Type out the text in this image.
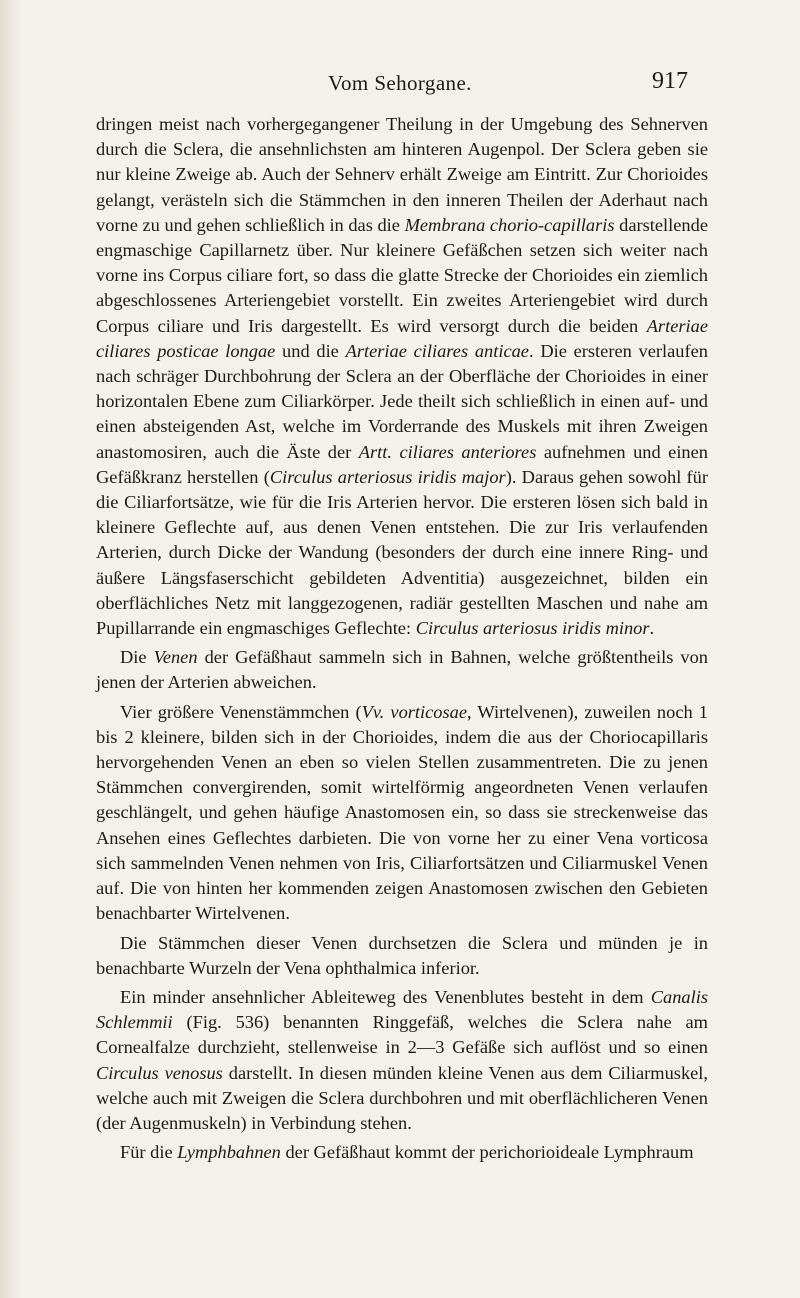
Vom Sehorgane.	917

dringen meist nach vorhergegangener Theilung in der Umgebung des Sehnerven durch die Sclera, die ansehnlichsten am hinteren Augenpol. Der Sclera geben sie nur kleine Zweige ab. Auch der Sehnerv erhält Zweige am Eintritt. Zur Chorioides gelangt, verästeln sich die Stämmchen in den inneren Theilen der Aderhaut nach vorne zu und gehen schließlich in das die Membrana chorio-capillaris darstellende engmaschige Capillarnetz über. Nur kleinere Gefäßchen setzen sich weiter nach vorne ins Corpus ciliare fort, so dass die glatte Strecke der Chorioides ein ziemlich abgeschlossenes Arteriengebiet vorstellt. Ein zweites Arteriengebiet wird durch Corpus ciliare und Iris dargestellt. Es wird versorgt durch die beiden Arteriae ciliares posticae longae und die Arteriae ciliares anticae. Die ersteren verlaufen nach schräger Durchbohrung der Sclera an der Oberfläche der Chorioides in einer horizontalen Ebene zum Ciliarkörper. Jede theilt sich schließlich in einen auf- und einen absteigenden Ast, welche im Vorderrande des Muskels mit ihren Zweigen anastomosiren, auch die Äste der Artt. ciliares anteriores aufnehmen und einen Gefäßkranz herstellen (Circulus arteriosus iridis major). Daraus gehen sowohl für die Ciliarfortsätze, wie für die Iris Arterien hervor. Die ersteren lösen sich bald in kleinere Geflechte auf, aus denen Venen entstehen. Die zur Iris verlaufenden Arterien, durch Dicke der Wandung (besonders der durch eine innere Ring- und äußere Längsfaserschicht gebildeten Adventitia) ausgezeichnet, bilden ein oberflächliches Netz mit langgezogenen, radiär gestellten Maschen und nahe am Pupillarrande ein engmaschiges Geflechte: Circulus arteriosus iridis minor.

Die Venen der Gefäßhaut sammeln sich in Bahnen, welche größtentheils von jenen der Arterien abweichen.

Vier größere Venenstämmchen (Vv. vorticosae, Wirtelvenen), zuweilen noch 1 bis 2 kleinere, bilden sich in der Chorioides, indem die aus der Choriocapillaris hervorgehenden Venen an eben so vielen Stellen zusammentreten. Die zu jenen Stämmchen convergirenden, somit wirtelförmig angeordneten Venen verlaufen geschlängelt, und gehen häufige Anastomosen ein, so dass sie streckenweise das Ansehen eines Geflechtes darbieten. Die von vorne her zu einer Vena vorticosa sich sammelnden Venen nehmen von Iris, Ciliarfortsätzen und Ciliarmuskel Venen auf. Die von hinten her kommenden zeigen Anastomosen zwischen den Gebieten benachbarter Wirtelvenen.

Die Stämmchen dieser Venen durchsetzen die Sclera und münden je in benachbarte Wurzeln der Vena ophthalmica inferior.

Ein minder ansehnlicher Ableiteweg des Venenblutes besteht in dem Canalis Schlemmii (Fig. 536) benannten Ringgefäß, welches die Sclera nahe am Cornealfalze durchzieht, stellenweise in 2—3 Gefäße sich auflöst und so einen Circulus venosus darstellt. In diesen münden kleine Venen aus dem Ciliarmuskel, welche auch mit Zweigen die Sclera durchbohren und mit oberflächlicheren Venen (der Augenmuskeln) in Verbindung stehen.

Für die Lymphbahnen der Gefäßhaut kommt der perichorioideale Lymphraum
